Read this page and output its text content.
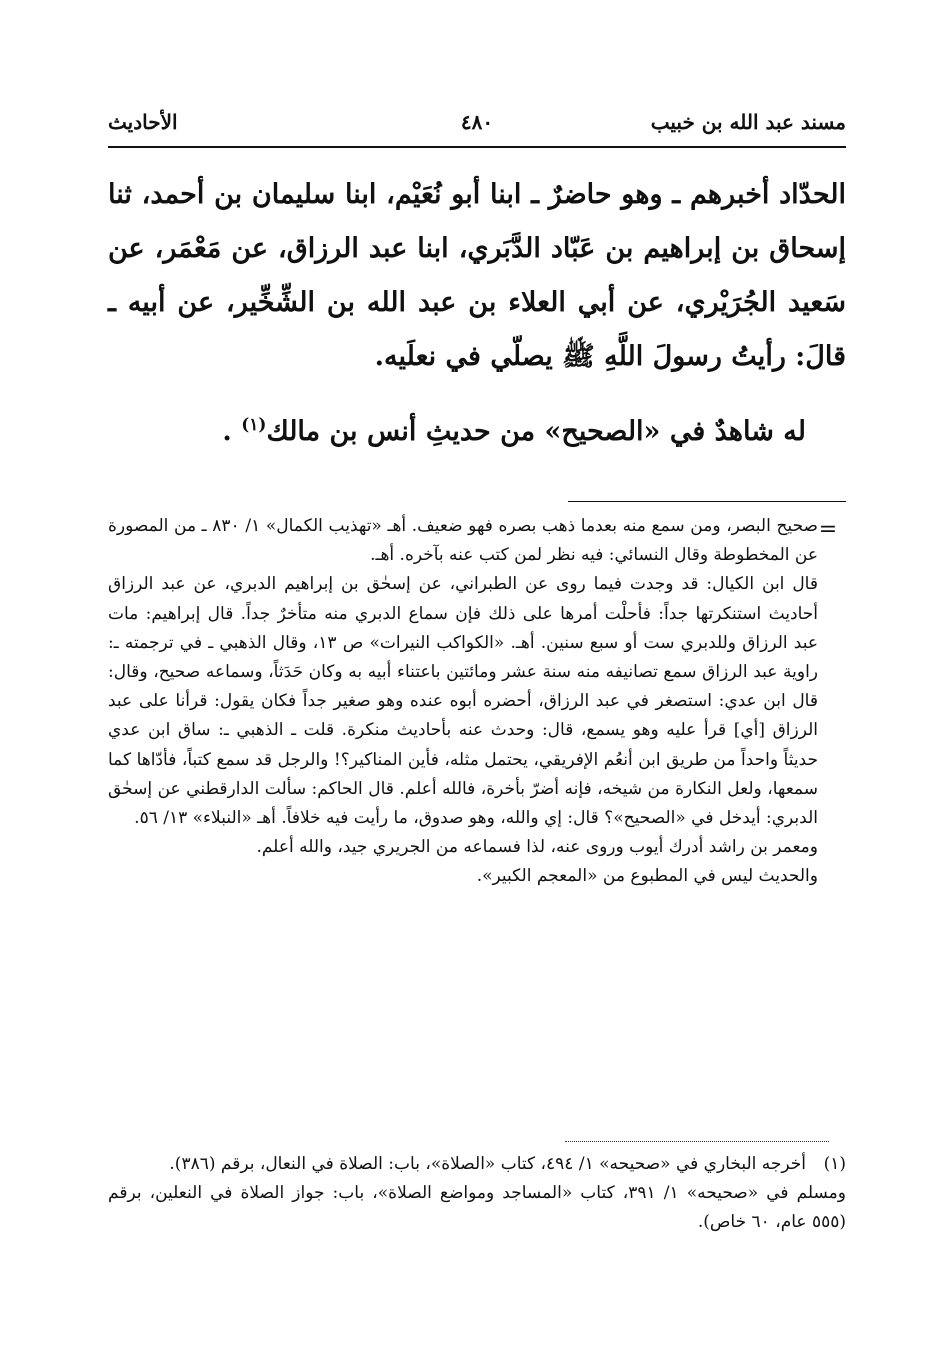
مسند عبد الله بن خبيب
٤٨٠
الأحاديث

الحدّاد أخبرهم ـ وهو حاضرٌ ـ ابنا أبو نُعَيْم، ابنا سليمان بن أحمد، ثنا إسحاق بن إبراهيم بن عَبّاد الدَّبَري، ابنا عبد الرزاق، عن مَعْمَر، عن سَعيد الجُرَيْري، عن أبي العلاء بن عبد الله بن الشِّخِّير، عن أبيه ـ قالَ: رأيتُ رسولَ اللَّهِ ﷺ يصلّي في نعلَيه.

له شاهدٌ في «الصحيح» من حديثِ أنس بن مالك$^{(١)}$ .

=

صحيح البصر، ومن سمع منه بعدما ذهب بصره فهو ضعيف. أهـ «تهذيب الكمال» ١/ ٨٣٠ ـ من المصورة عن المخطوطة وقال النسائي: فيه نظر لمن كتب عنه بآخره. أهـ.

قال ابن الكيال: قد وجدت فيما روى عن الطبراني، عن إسحٰق بن إبراهيم الدبري، عن عبد الرزاق أحاديث استنكرتها جداً: فأحلْت أمرها على ذلك فإن سماع الدبري منه متأخرٌ جداً. قال إبراهيم: مات عبد الرزاق وللدبري ست أو سبع سنين. أهـ. «الكواكب النيرات» ص ١٣، وقال الذهبي ـ في ترجمته ـ: راوية عبد الرزاق سمع تصانيفه منه سنة عشر ومائتين باعتناء أبيه به وكان حَدَثاً، وسماعه صحيح، وقال: قال ابن عدي: استصغر في عبد الرزاق، أحضره أبوه عنده وهو صغير جداً فكان يقول: قرأنا على عبد الرزاق [أي] قرأ عليه وهو يسمع، قال: وحدث عنه بأحاديث منكرة. قلت ـ الذهبي ـ: ساق ابن عدي حديثاً واحداً من طريق ابن أنعُم الإفريقي، يحتمل مثله، فأين المناكير؟! والرجل قد سمع كتباً، فأدّاها كما سمعها، ولعل النكارة من شيخه، فإنه أضرّ بأخرة، فالله أعلم. قال الحاكم: سألت الدارقطني عن إسحٰق الدبري: أيدخل في «الصحيح»؟ قال: إي والله، وهو صدوق، ما رأيت فيه خلافاً. أهـ «النبلاء» ١٣/ ٥٦.

ومعمر بن راشد أدرك أيوب وروى عنه، لذا فسماعه من الجريري جيد، والله أعلم.

والحديث ليس في المطبوع من «المعجم الكبير».

(١)

أخرجه البخاري في «صحيحه» ١/ ٤٩٤، كتاب «الصلاة»، باب: الصلاة في النعال، برقم (٣٨٦).

ومسلم في «صحيحه» ١/ ٣٩١، كتاب «المساجد ومواضع الصلاة»، باب: جواز الصلاة في النعلين، برقم (٥٥٥ عام، ٦٠ خاص).
